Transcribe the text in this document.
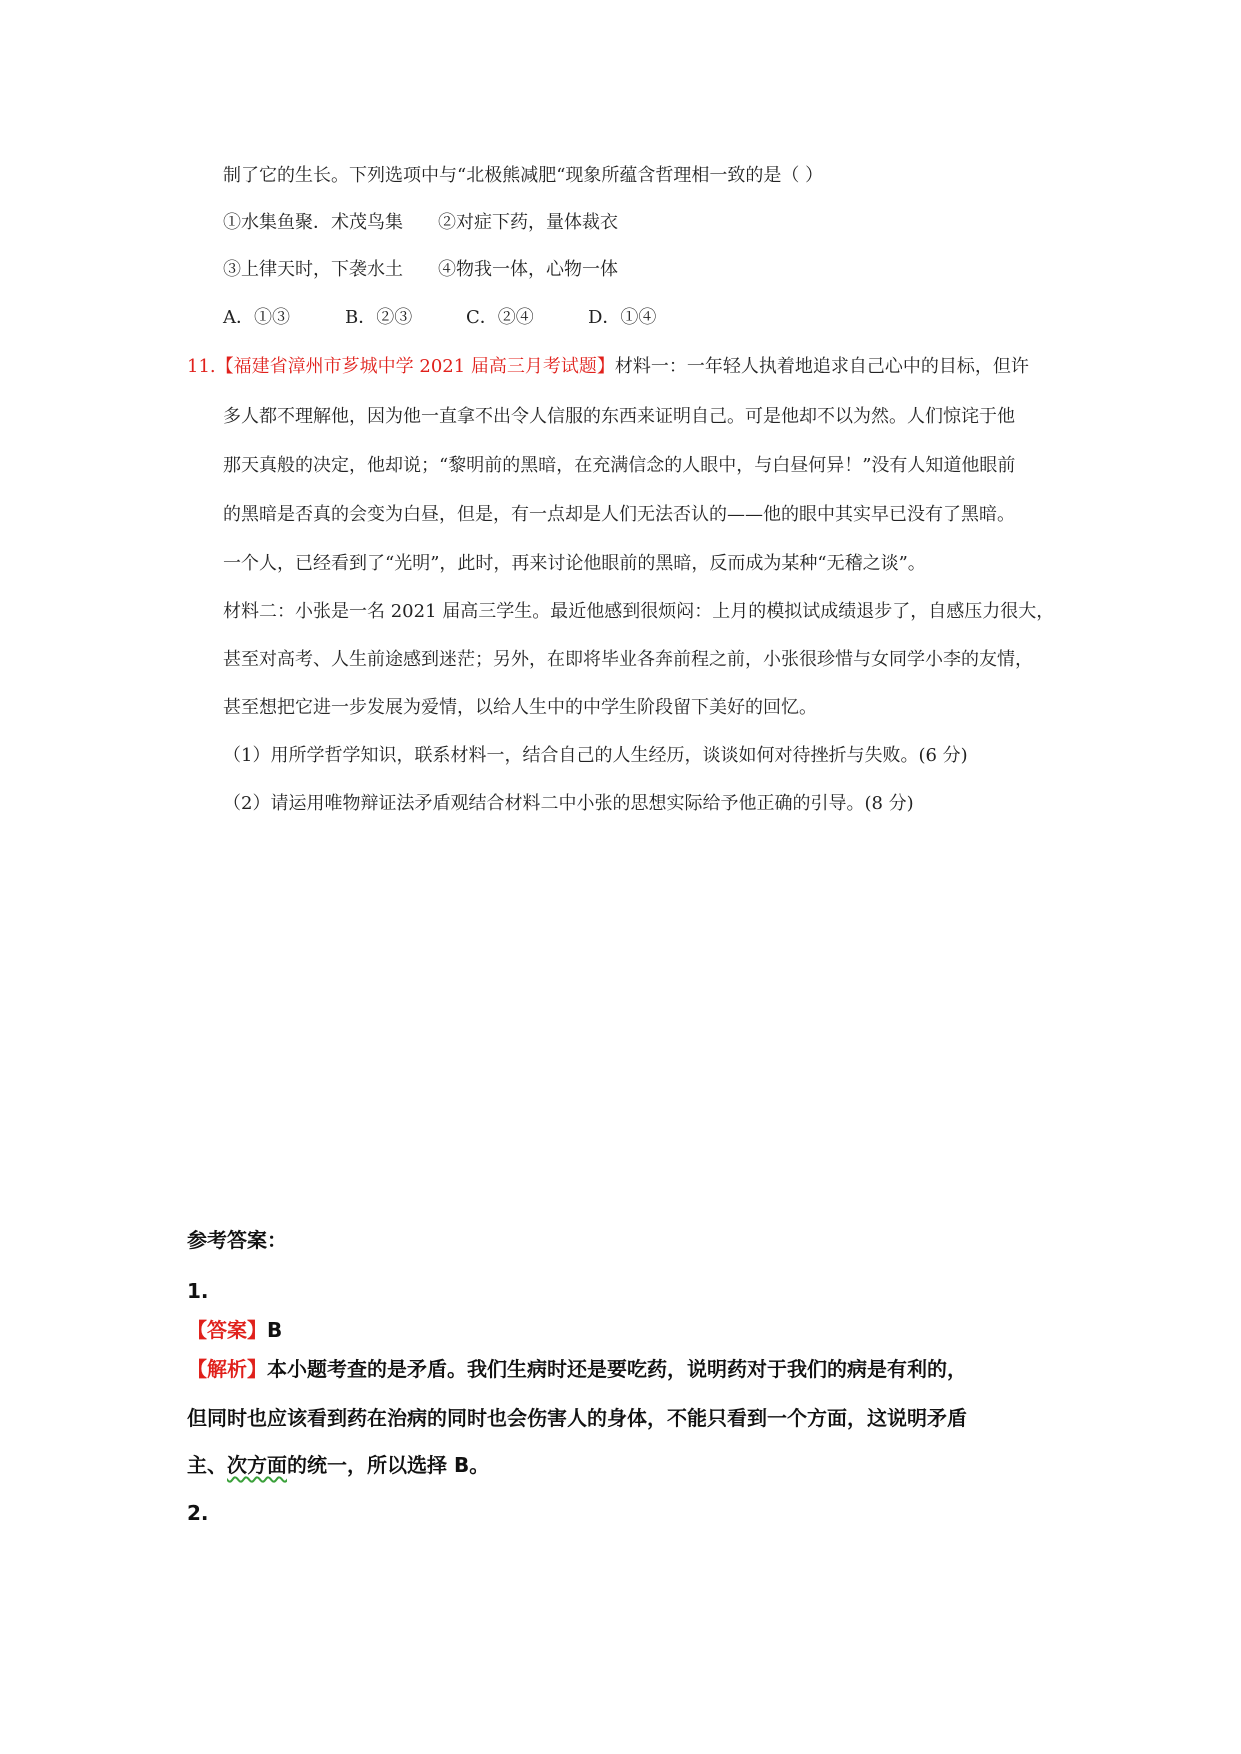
制了它的生长。下列选项中与“北极熊减肥“现象所蕴含哲理相一致的是（ ）
①水集鱼聚．术茂鸟集 ②对症下药，量体裁衣
③上律天时，下袭水土 ④物我一体，心物一体
A．①③	B．②③	C．②④	D．①④
11.【福建省漳州市芗城中学 2021 届高三月考试题】材料一：一年轻人执着地追求自己心中的目标，但许
多人都不理解他，因为他一直拿不出令人信服的东西来证明自己。可是他却不以为然。人们惊诧于他
那天真般的决定，他却说；“黎明前的黑暗，在充满信念的人眼中，与白昼何异！”没有人知道他眼前
的黑暗是否真的会变为白昼，但是，有一点却是人们无法否认的——他的眼中其实早已没有了黑暗。
一个人，已经看到了“光明”，此时，再来讨论他眼前的黑暗，反而成为某种“无稽之谈”。
材料二：小张是一名 2021 届高三学生。最近他感到很烦闷：上月的模拟试成绩退步了，自感压力很大，
甚至对高考、人生前途感到迷茫；另外，在即将毕业各奔前程之前，小张很珍惜与女同学小李的友情，
甚至想把它进一步发展为爱情，以给人生中的中学生阶段留下美好的回忆。
（1）用所学哲学知识，联系材料一，结合自己的人生经历，谈谈如何对待挫折与失败。(6 分)
（2）请运用唯物辩证法矛盾观结合材料二中小张的思想实际给予他正确的引导。(8 分)
参考答案：
1.
【答案】B
【解析】本小题考查的是矛盾。我们生病时还是要吃药，说明药对于我们的病是有利的，
但同时也应该看到药在治病的同时也会伤害人的身体，不能只看到一个方面，这说明矛盾
主、次方面的统一，所以选择 B。
2.
